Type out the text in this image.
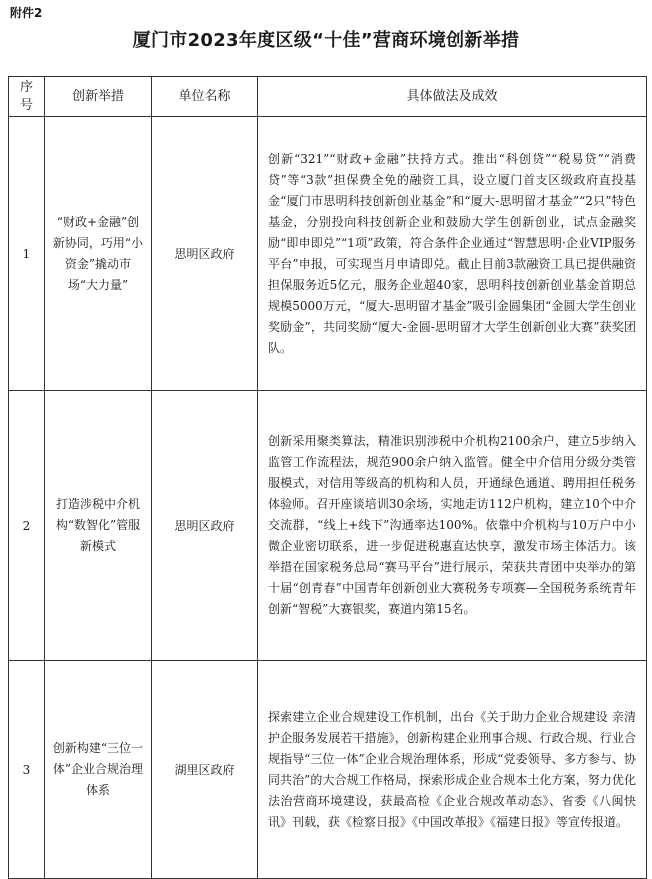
附件2
厦门市2023年度区级“十佳”营商环境创新举措
序号	创新举措	单位名称	具体做法及成效
1	“财政+金融”创新协同，巧用“小资金”撬动市场“大力量”	思明区政府	创新“321”“财政+金融”扶持方式。推出“科创贷”“税易贷”“消费贷”等“3款”担保费全免的融资工具，设立厦门首支区级政府直投基金“厦门市思明科技创新创业基金”和“厦大-思明留才基金”“2只”特色基金，分别投向科技创新企业和鼓励大学生创新创业，试点金融奖励“即申即兑”“1项”政策，符合条件企业通过“智慧思明·企业VIP服务平台”申报，可实现当月申请即兑。截止目前3款融资工具已提供融资担保服务近5亿元，服务企业超40家，思明科技创新创业基金首期总规模5000万元，“厦大-思明留才基金”吸引金圆集团“金圆大学生创业奖励金”，共同奖励“厦大-金圆-思明留才大学生创新创业大赛”获奖团队。
2	打造涉税中介机构“数智化”管服新模式	思明区政府	创新采用聚类算法，精准识别涉税中介机构2100余户，建立5步纳入监管工作流程法，规范900余户纳入监管。健全中介信用分级分类管服模式，对信用等级高的机构和人员，开通绿色通道、聘用担任税务体验师。召开座谈培训30余场，实地走访112户机构，建立10个中介交流群，“线上+线下”沟通率达100%。依靠中介机构与10万户中小微企业密切联系，进一步促进税惠直达快享，激发市场主体活力。该举措在国家税务总局“赛马平台”进行展示，荣获共青团中央举办的第十届“创青春”中国青年创新创业大赛税务专项赛—全国税务系统青年创新“智税”大赛银奖，赛道内第15名。
3	创新构建“三位一体”企业合规治理体系	湖里区政府	探索建立企业合规建设工作机制，出台《关于助力企业合规建设 亲清护企服务发展若干措施》，创新构建企业刑事合规、行政合规、行业合规指导“三位一体”企业合规治理体系，形成“党委领导、多方参与、协同共治”的大合规工作格局，探索形成企业合规本土化方案，努力优化法治营商环境建设，获最高检《企业合规改革动态》、省委《八闽快讯》刊载，获《检察日报》《中国改革报》《福建日报》等宣传报道。
